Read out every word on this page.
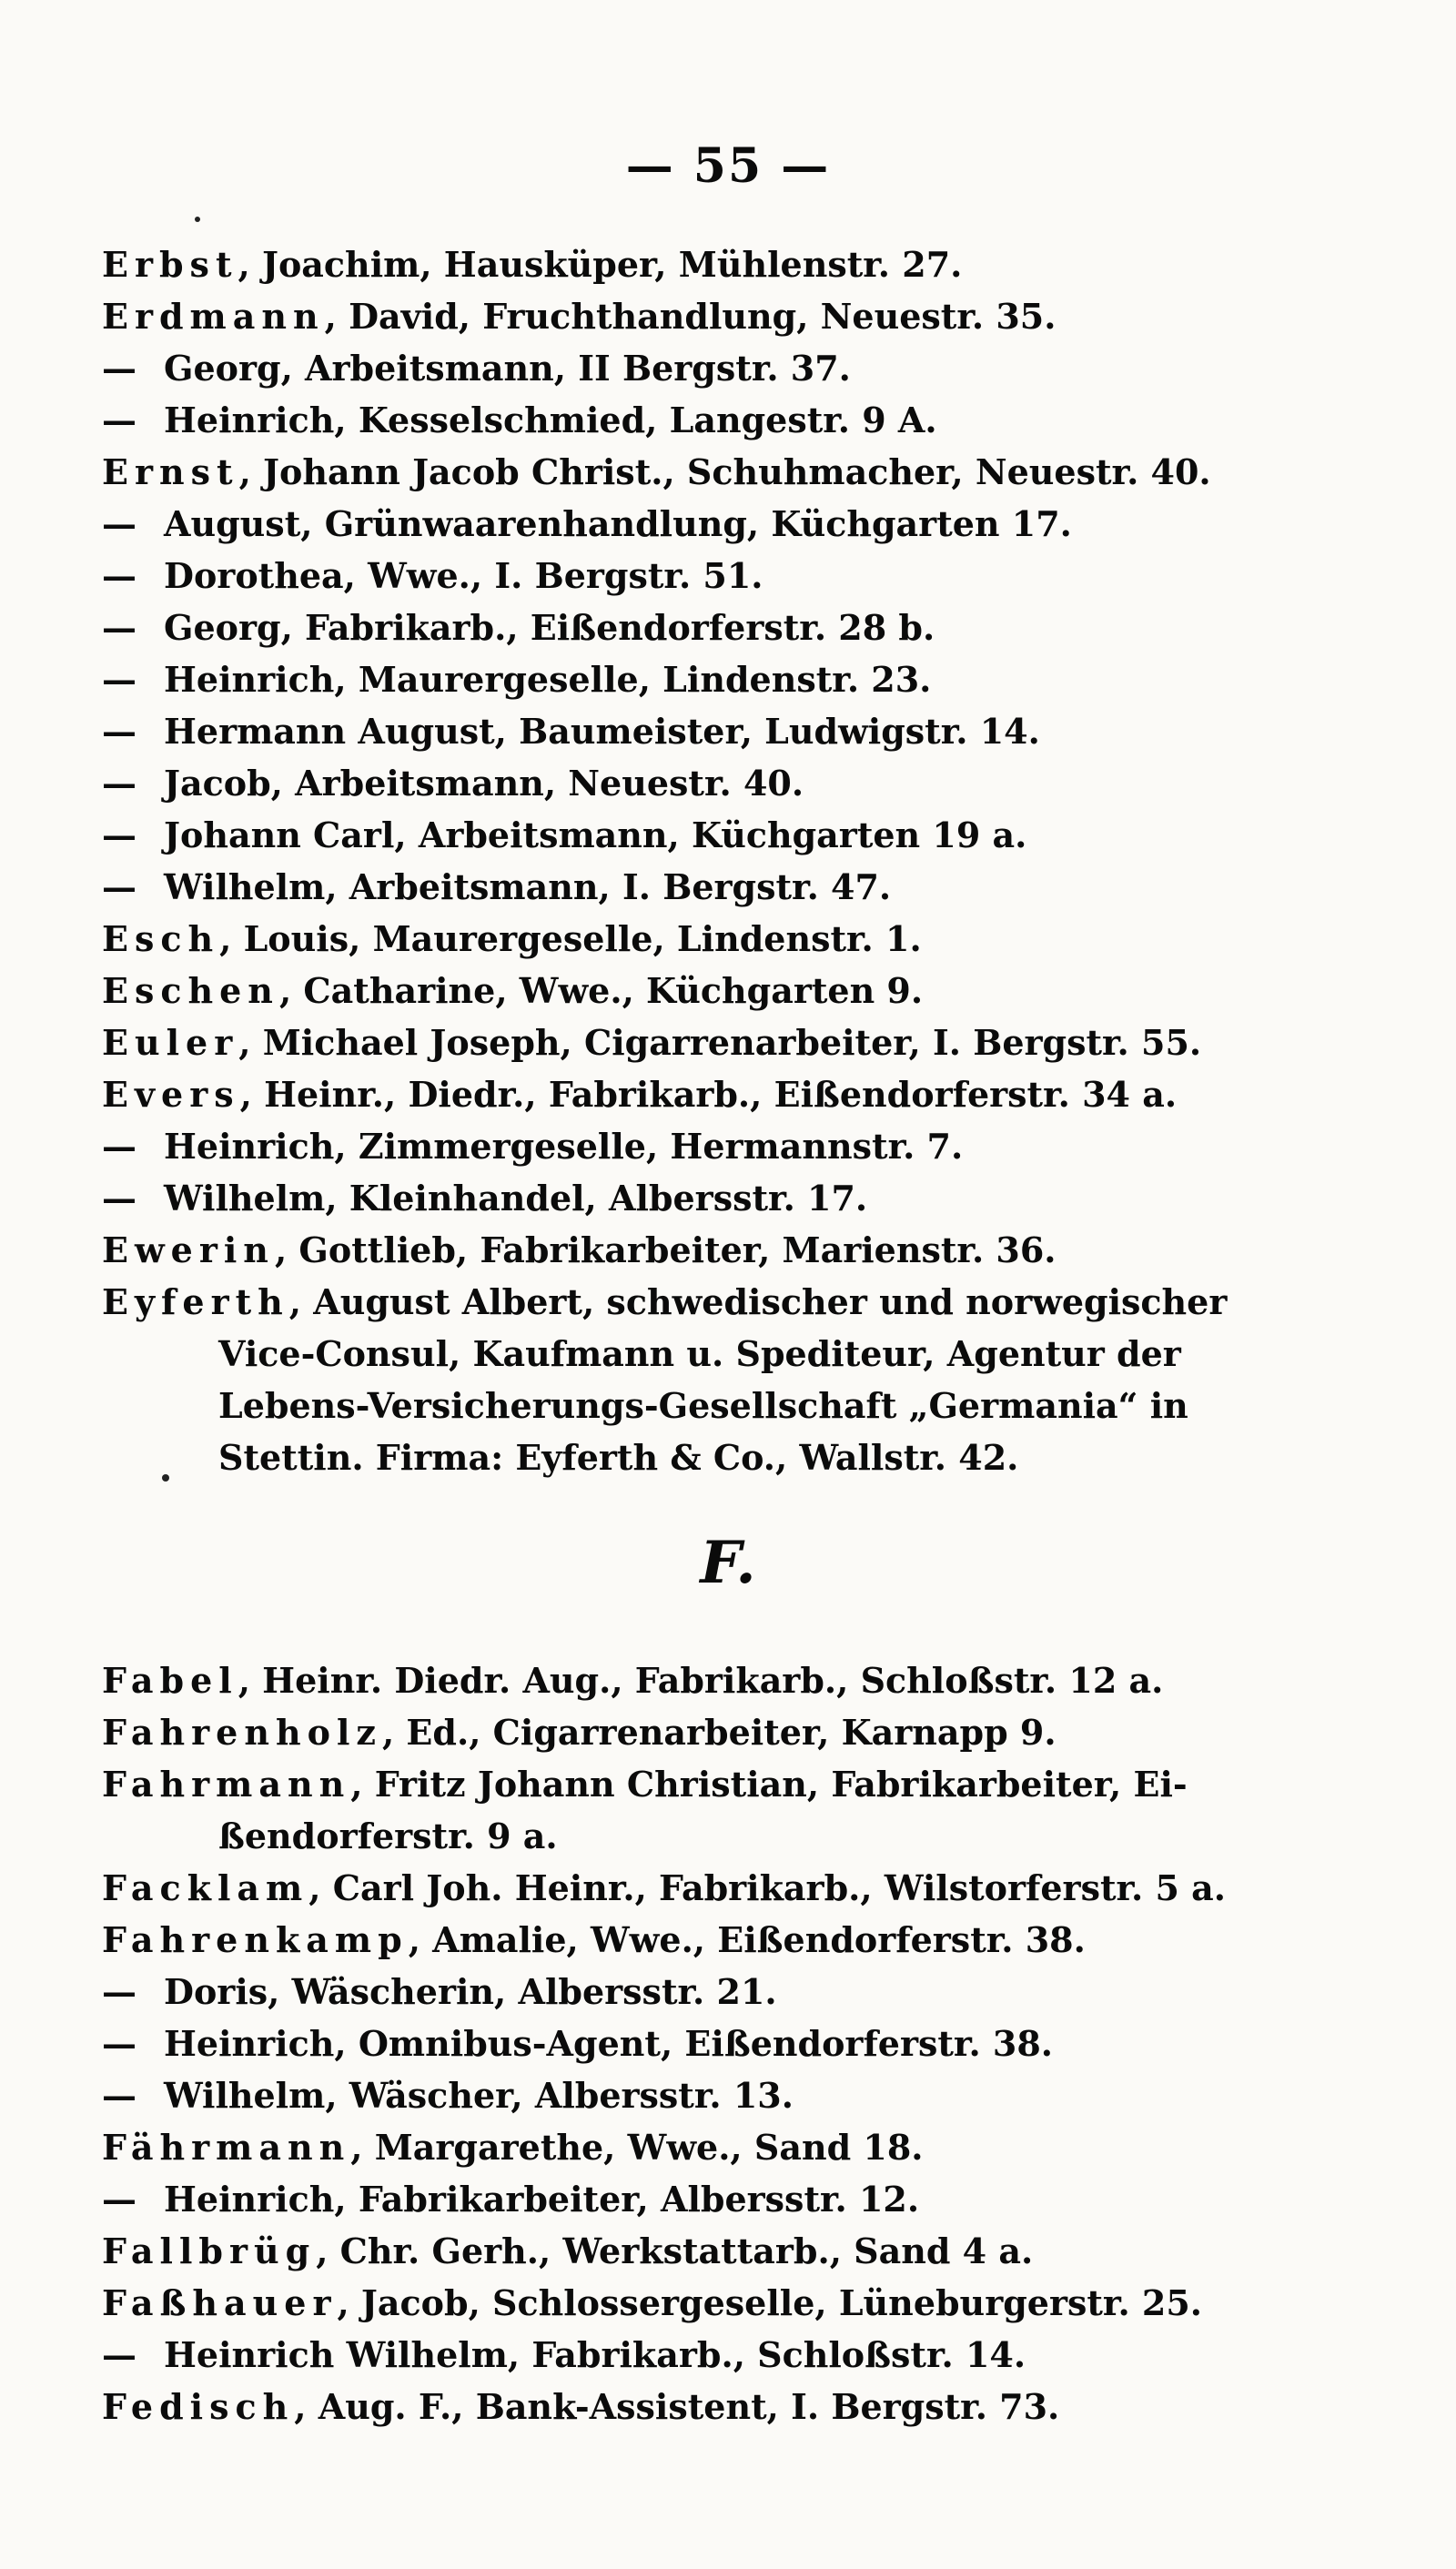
— 55 —
Erbst, Joachim, Hausküper, Mühlenstr. 27.
Erdmann, David, Fruchthandlung, Neuestr. 35.
— Georg, Arbeitsmann, II Bergstr. 37.
— Heinrich, Kesselschmied, Langestr. 9 A.
Ernst, Johann Jacob Christ., Schuhmacher, Neuestr. 40.
— August, Grünwaarenhandlung, Küchgarten 17.
— Dorothea, Wwe., I. Bergstr. 51.
— Georg, Fabrikarb., Eißendorferstr. 28 b.
— Heinrich, Maurergeselle, Lindenstr. 23.
— Hermann August, Baumeister, Ludwigstr. 14.
— Jacob, Arbeitsmann, Neuestr. 40.
— Johann Carl, Arbeitsmann, Küchgarten 19 a.
— Wilhelm, Arbeitsmann, I. Bergstr. 47.
Esch, Louis, Maurergeselle, Lindenstr. 1.
Eschen, Catharine, Wwe., Küchgarten 9.
Euler, Michael Joseph, Cigarrenarbeiter, I. Bergstr. 55.
Evers, Heinr., Diedr., Fabrikarb., Eißendorferstr. 34 a.
— Heinrich, Zimmergeselle, Hermannstr. 7.
— Wilhelm, Kleinhandel, Albersstr. 17.
Ewerin, Gottlieb, Fabrikarbeiter, Marienstr. 36.
Eyferth, August Albert, schwedischer und norwegischer
Vice-Consul, Kaufmann u. Spediteur, Agentur der
Lebens-Versicherungs-Gesellschaft „Germania“ in
Stettin. Firma: Eyferth & Co., Wallstr. 42.
F.
Fabel, Heinr. Diedr. Aug., Fabrikarb., Schloßstr. 12 a.
Fahrenholz, Ed., Cigarrenarbeiter, Karnapp 9.
Fahrmann, Fritz Johann Christian, Fabrikarbeiter, Ei-
ßendorferstr. 9 a.
Facklam, Carl Joh. Heinr., Fabrikarb., Wilstorferstr. 5 a.
Fahrenkamp, Amalie, Wwe., Eißendorferstr. 38.
— Doris, Wäscherin, Albersstr. 21.
— Heinrich, Omnibus-Agent, Eißendorferstr. 38.
— Wilhelm, Wäscher, Albersstr. 13.
Fährmann, Margarethe, Wwe., Sand 18.
— Heinrich, Fabrikarbeiter, Albersstr. 12.
Fallbrüg, Chr. Gerh., Werkstattarb., Sand 4 a.
Faßhauer, Jacob, Schlossergeselle, Lüneburgerstr. 25.
— Heinrich Wilhelm, Fabrikarb., Schloßstr. 14.
Fedisch, Aug. F., Bank-Assistent, I. Bergstr. 73.
